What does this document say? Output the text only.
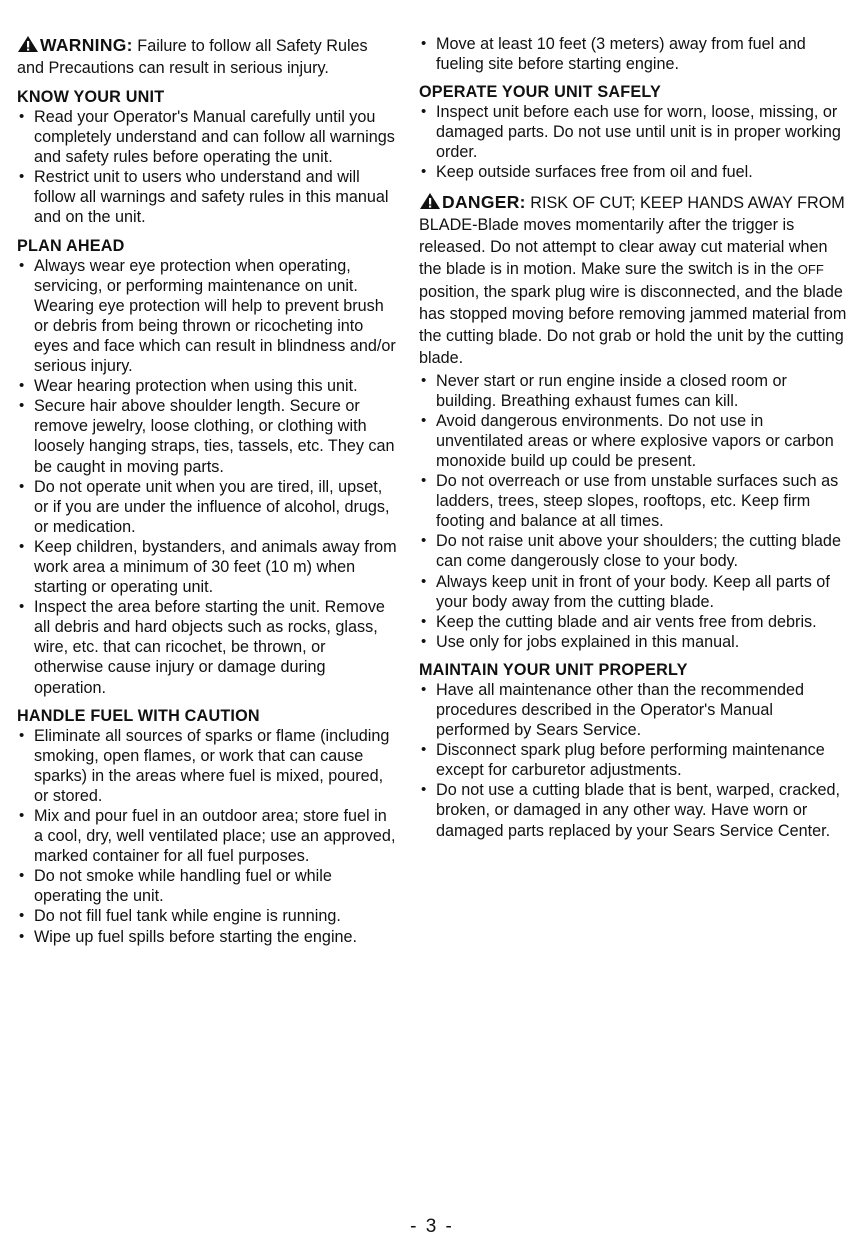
WARNING: Failure to follow all Safety Rules and Precautions can result in serious injury.
KNOW YOUR UNIT
• Read your Operator's Manual carefully until you completely understand and can follow all warnings and safety rules before operating the unit.
• Restrict unit to users who understand and will follow all warnings and safety rules in this manual and on the unit.
PLAN AHEAD
• Always wear eye protection when operating, servicing, or performing maintenance on unit. Wearing eye protection will help to prevent brush or debris from being thrown or ricocheting into eyes and face which can result in blindness and/or serious injury.
• Wear hearing protection when using this unit.
• Secure hair above shoulder length. Secure or remove jewelry, loose clothing, or clothing with loosely hanging straps, ties, tassels, etc. They can be caught in moving parts.
• Do not operate unit when you are tired, ill, upset, or if you are under the influence of alcohol, drugs, or medication.
• Keep children, bystanders, and animals away from work area a minimum of 30 feet (10 m) when starting or operating unit.
• Inspect the area before starting the unit. Remove all debris and hard objects such as rocks, glass, wire, etc. that can ricochet, be thrown, or otherwise cause injury or damage during operation.
HANDLE FUEL WITH CAUTION
• Eliminate all sources of sparks or flame (including smoking, open flames, or work that can cause sparks) in the areas where fuel is mixed, poured, or stored.
• Mix and pour fuel in an outdoor area; store fuel in a cool, dry, well ventilated place; use an approved, marked container for all fuel purposes.
• Do not smoke while handling fuel or while operating the unit.
• Do not fill fuel tank while engine is running.
• Wipe up fuel spills before starting the engine.
• Move at least 10 feet (3 meters) away from fuel and fueling site before starting engine.
OPERATE YOUR UNIT SAFELY
• Inspect unit before each use for worn, loose, missing, or damaged parts. Do not use until unit is in proper working order.
• Keep outside surfaces free from oil and fuel.
DANGER: RISK OF CUT; KEEP HANDS AWAY FROM BLADE-Blade moves momentarily after the trigger is released. Do not attempt to clear away cut material when the blade is in motion. Make sure the switch is in the OFF position, the spark plug wire is disconnected, and the blade has stopped moving before removing jammed material from the cutting blade. Do not grab or hold the unit by the cutting blade.
• Never start or run engine inside a closed room or building. Breathing exhaust fumes can kill.
• Avoid dangerous environments. Do not use in unventilated areas or where explosive vapors or carbon monoxide build up could be present.
• Do not overreach or use from unstable surfaces such as ladders, trees, steep slopes, rooftops, etc. Keep firm footing and balance at all times.
• Do not raise unit above your shoulders; the cutting blade can come dangerously close to your body.
• Always keep unit in front of your body. Keep all parts of your body away from the cutting blade.
• Keep the cutting blade and air vents free from debris.
• Use only for jobs explained in this manual.
MAINTAIN YOUR UNIT PROPERLY
• Have all maintenance other than the recommended procedures described in the Operator's Manual performed by Sears Service.
• Disconnect spark plug before performing maintenance except for carburetor adjustments.
• Do not use a cutting blade that is bent, warped, cracked, broken, or damaged in any other way. Have worn or damaged parts replaced by your Sears Service Center.
- 3 -
